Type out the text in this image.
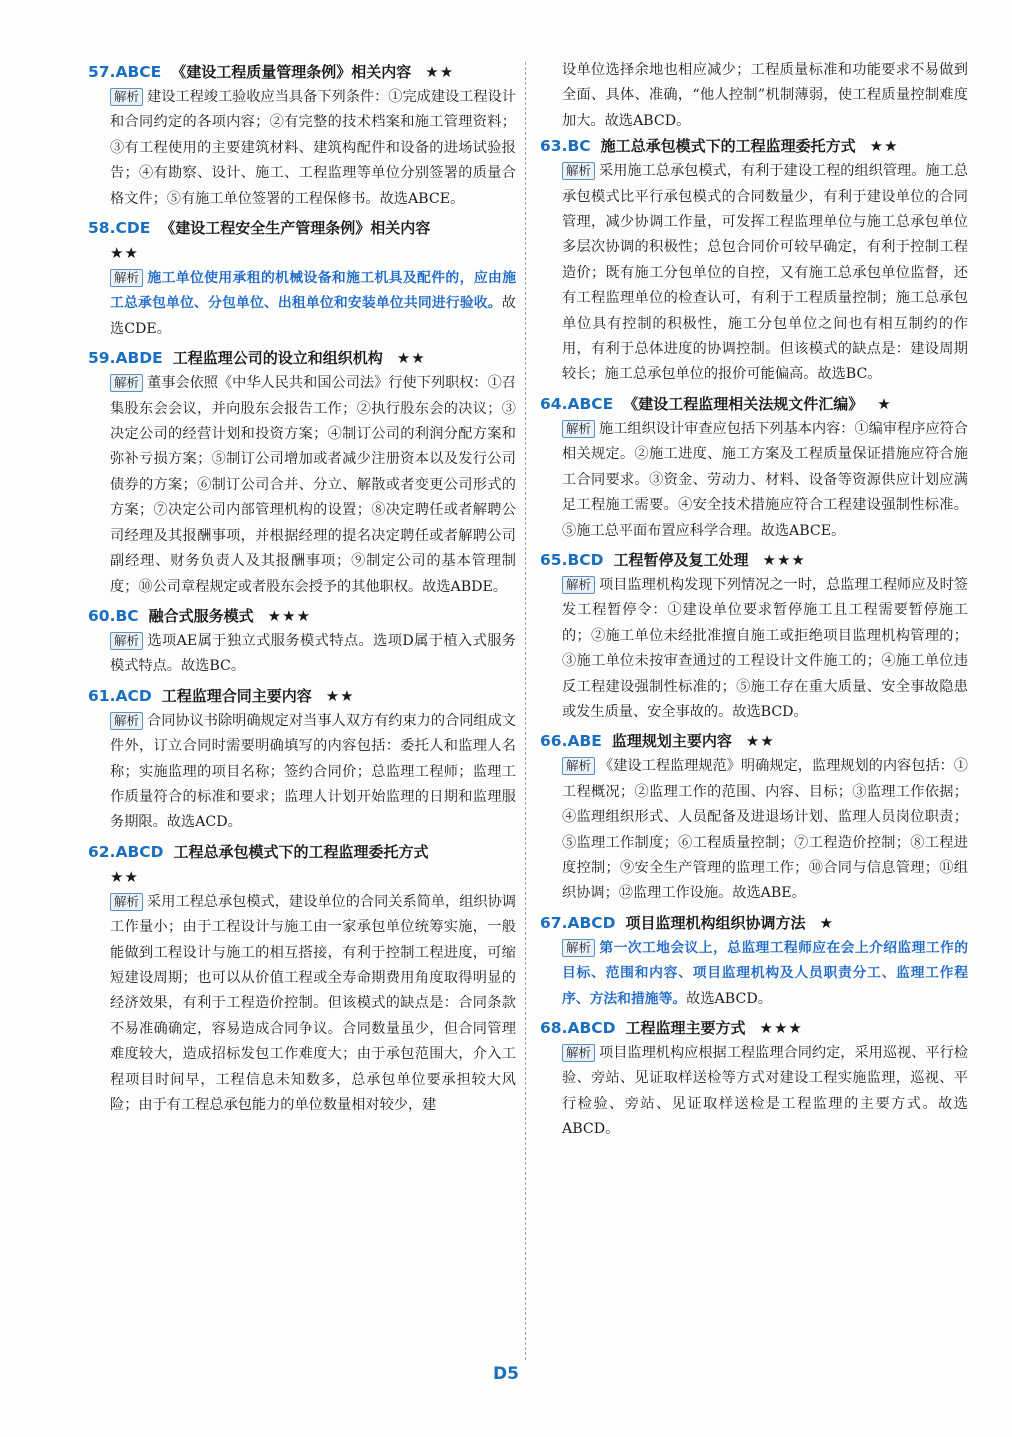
57.ABCE 《建设工程质量管理条例》相关内容 ★★
解析 建设工程竣工验收应当具备下列条件：①完成建设工程设计和合同约定的各项内容；②有完整的技术档案和施工管理资料；③有工程使用的主要建筑材料、建筑构配件和设备的进场试验报告；④有勘察、设计、施工、工程监理等单位分别签署的质量合格文件；⑤有施工单位签署的工程保修书。故选ABCE。
58.CDE 《建设工程安全生产管理条例》相关内容
★★
解析 施工单位使用承租的机械设备和施工机具及配件的，应由施工总承包单位、分包单位、出租单位和安装单位共同进行验收。故选CDE。
59.ABDE 工程监理公司的设立和组织机构 ★★
解析 董事会依照《中华人民共和国公司法》行使下列职权：①召集股东会会议，并向股东会报告工作；②执行股东会的决议；③决定公司的经营计划和投资方案；④制订公司的利润分配方案和弥补亏损方案；⑤制订公司增加或者减少注册资本以及发行公司债券的方案；⑥制订公司合并、分立、解散或者变更公司形式的方案；⑦决定公司内部管理机构的设置；⑧决定聘任或者解聘公司经理及其报酬事项，并根据经理的提名决定聘任或者解聘公司副经理、财务负责人及其报酬事项；⑨制定公司的基本管理制度；⑩公司章程规定或者股东会授予的其他职权。故选ABDE。
60.BC 融合式服务模式 ★★★
解析 选项AE属于独立式服务模式特点。选项D属于植入式服务模式特点。故选BC。
61.ACD 工程监理合同主要内容 ★★
解析 合同协议书除明确规定对当事人双方有约束力的合同组成文件外，订立合同时需要明确填写的内容包括：委托人和监理人名称；实施监理的项目名称；签约合同价；总监理工程师；监理工作质量符合的标准和要求；监理人计划开始监理的日期和监理服务期限。故选ACD。
62.ABCD 工程总承包模式下的工程监理委托方式
★★
解析 采用工程总承包模式，建设单位的合同关系简单，组织协调工作量小；由于工程设计与施工由一家承包单位统筹实施，一般能做到工程设计与施工的相互搭接，有利于控制工程进度，可缩短建设周期；也可以从价值工程或全寿命期费用角度取得明显的经济效果，有利于工程造价控制。但该模式的缺点是：合同条款不易准确确定，容易造成合同争议。合同数量虽少，但合同管理难度较大，造成招标发包工作难度大；由于承包范围大，介入工程项目时间早，工程信息未知数多，总承包单位要承担较大风险；由于有工程总承包能力的单位数量相对较少，建
设单位选择余地也相应减少；工程质量标准和功能要求不易做到全面、具体、准确，“他人控制”机制薄弱，使工程质量控制难度加大。故选ABCD。
63.BC 施工总承包模式下的工程监理委托方式 ★★
解析 采用施工总承包模式，有利于建设工程的组织管理。施工总承包模式比平行承包模式的合同数量少，有利于建设单位的合同管理，减少协调工作量，可发挥工程监理单位与施工总承包单位多层次协调的积极性；总包合同价可较早确定，有利于控制工程造价；既有施工分包单位的自控，又有施工总承包单位监督，还有工程监理单位的检查认可，有利于工程质量控制；施工总承包单位具有控制的积极性，施工分包单位之间也有相互制约的作用，有利于总体进度的协调控制。但该模式的缺点是：建设周期较长；施工总承包单位的报价可能偏高。故选BC。
64.ABCE 《建设工程监理相关法规文件汇编》 ★
解析 施工组织设计审查应包括下列基本内容：①编审程序应符合相关规定。②施工进度、施工方案及工程质量保证措施应符合施工合同要求。③资金、劳动力、材料、设备等资源供应计划应满足工程施工需要。④安全技术措施应符合工程建设强制性标准。⑤施工总平面布置应科学合理。故选ABCE。
65.BCD 工程暂停及复工处理 ★★★
解析 项目监理机构发现下列情况之一时，总监理工程师应及时签发工程暂停令：①建设单位要求暂停施工且工程需要暂停施工的；②施工单位未经批准擅自施工或拒绝项目监理机构管理的；③施工单位未按审查通过的工程设计文件施工的；④施工单位违反工程建设强制性标准的；⑤施工存在重大质量、安全事故隐患或发生质量、安全事故的。故选BCD。
66.ABE 监理规划主要内容 ★★
解析 《建设工程监理规范》明确规定，监理规划的内容包括：①工程概况；②监理工作的范围、内容、目标；③监理工作依据；④监理组织形式、人员配备及进退场计划、监理人员岗位职责；⑤监理工作制度；⑥工程质量控制；⑦工程造价控制；⑧工程进度控制；⑨安全生产管理的监理工作；⑩合同与信息管理；⑪组织协调；⑫监理工作设施。故选ABE。
67.ABCD 项目监理机构组织协调方法 ★
解析 第一次工地会议上，总监理工程师应在会上介绍监理工作的目标、范围和内容、项目监理机构及人员职责分工、监理工作程序、方法和措施等。故选ABCD。
68.ABCD 工程监理主要方式 ★★★
解析 项目监理机构应根据工程监理合同约定，采用巡视、平行检验、旁站、见证取样送检等方式对建设工程实施监理，巡视、平行检验、旁站、见证取样送检是工程监理的主要方式。故选ABCD。
D5
